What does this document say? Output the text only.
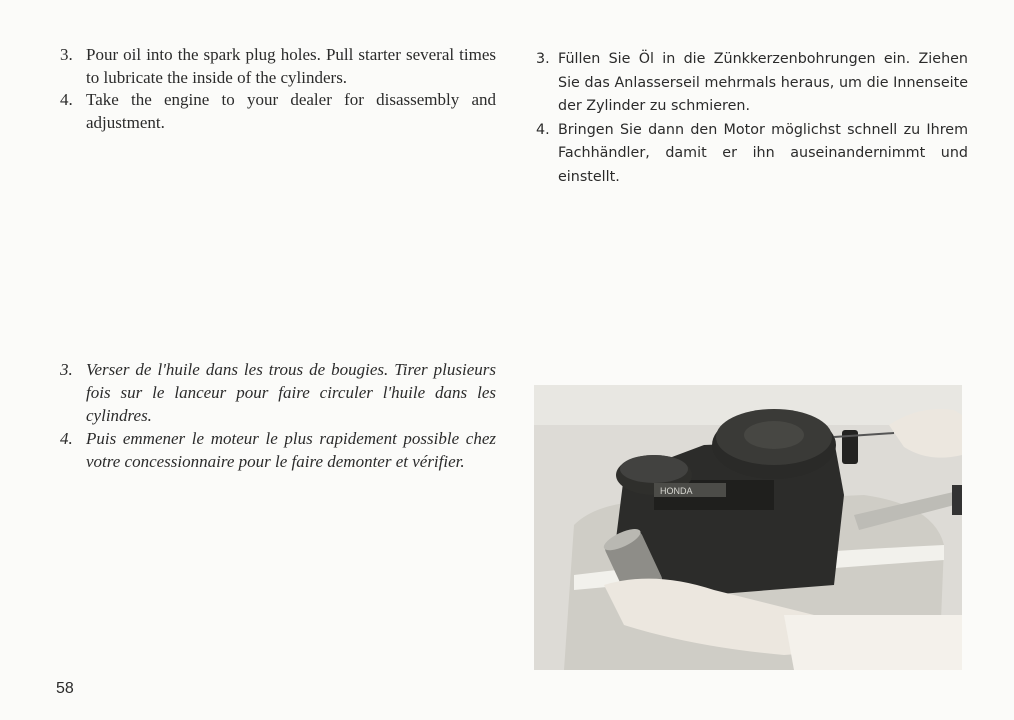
3. Pour oil into the spark plug holes. Pull starter several times to lubricate the inside of the cylinders.
4. Take the engine to your dealer for disassembly and adjustment.
3. Füllen Sie Öl in die Zünkkerzenbohrungen ein. Ziehen Sie das Anlasserseil mehrmals heraus, um die Innenseite der Zylinder zu schmieren.
4. Bringen Sie dann den Motor möglichst schnell zu Ihrem Fachhändler, damit er ihn auseinandernimmt und einstellt.
3. Verser de l'huile dans les trous de bougies. Tirer plusieurs fois sur le lanceur pour faire circuler l'huile dans les cylindres.
4. Puis emmener le moteur le plus rapidement possible chez votre concessionnaire pour le faire demonter et vérifier.
HONDA
58
